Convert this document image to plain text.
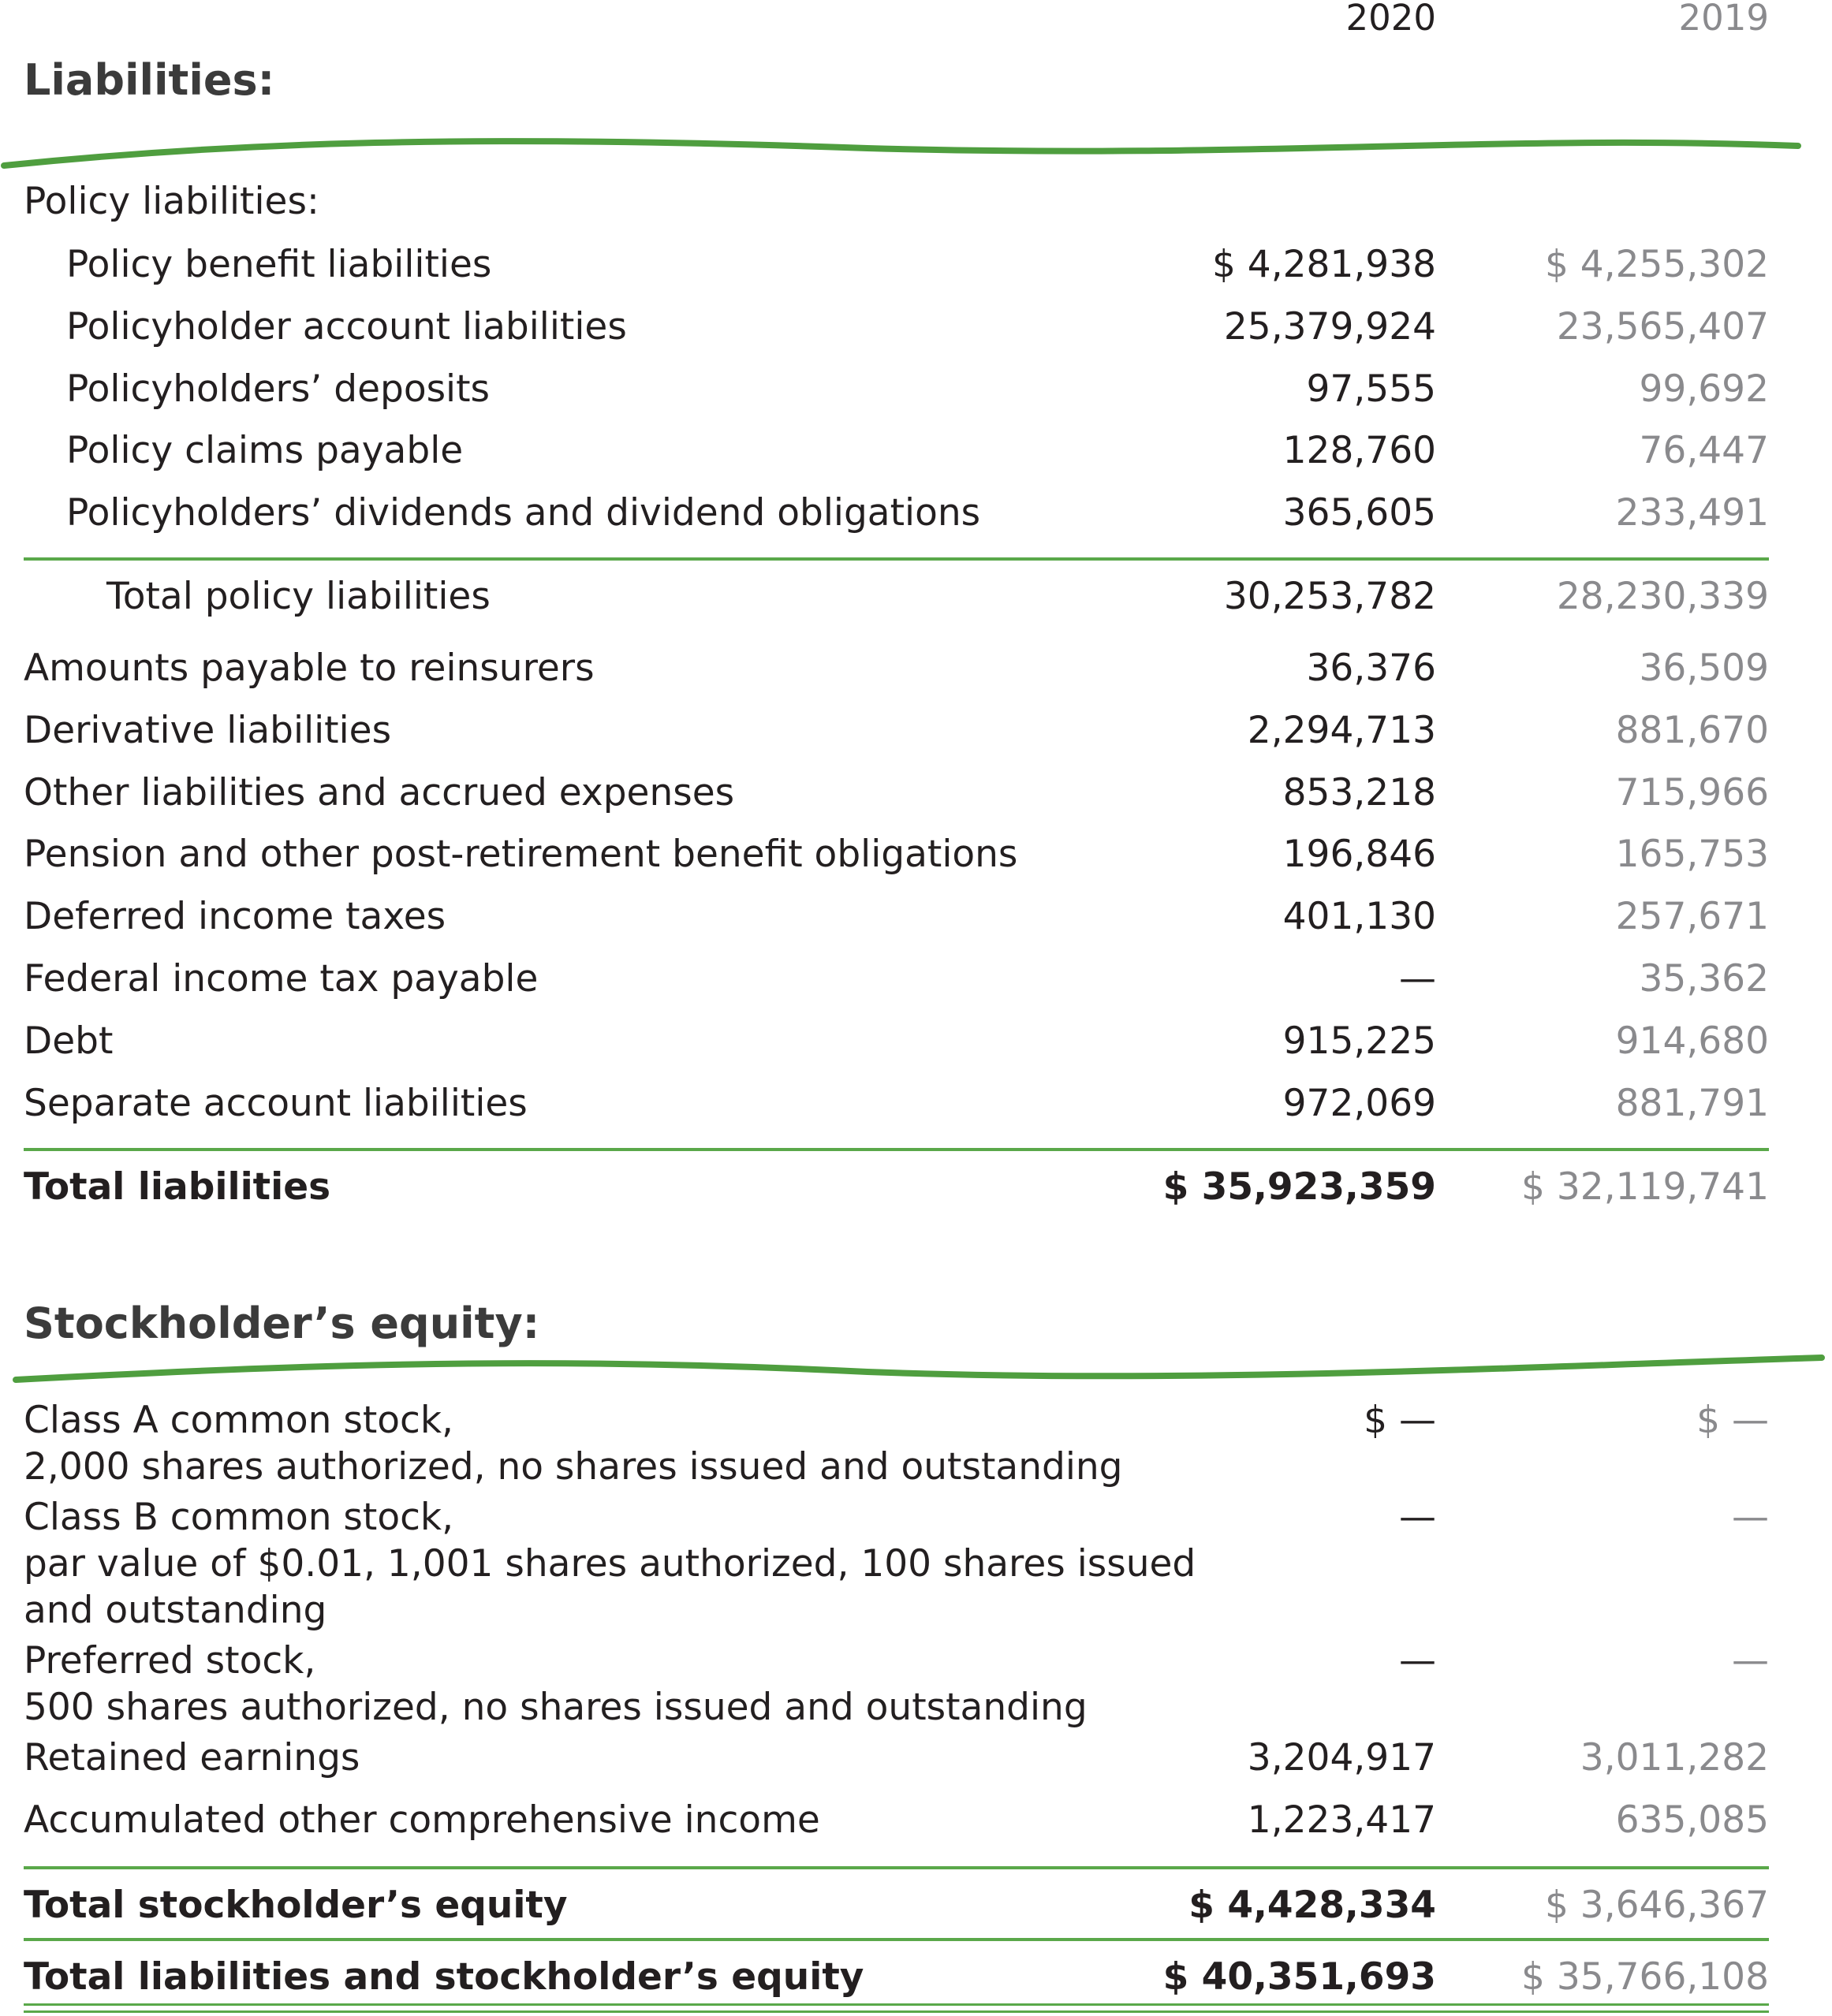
2020	2019
Liabilities:
Policy liabilities:
Policy benefit liabilities	$ 4,281,938	$ 4,255,302
Policyholder account liabilities	25,379,924	23,565,407
Policyholders’ deposits	97,555	99,692
Policy claims payable	128,760	76,447
Policyholders’ dividends and dividend obligations	365,605	233,491
Total policy liabilities	30,253,782	28,230,339
Amounts payable to reinsurers	36,376	36,509
Derivative liabilities	2,294,713	881,670
Other liabilities and accrued expenses	853,218	715,966
Pension and other post-retirement benefit obligations	196,846	165,753
Deferred income taxes	401,130	257,671
Federal income tax payable	—	35,362
Debt	915,225	914,680
Separate account liabilities	972,069	881,791
Total liabilities	$ 35,923,359 $ 32,119,741
Stockholder’s equity:
Class A common stock,
2,000 shares authorized, no shares issued and outstanding
$ —	$ —
Class B common stock,
par value of $0.01, 1,001 shares authorized, 100 shares issued
and outstanding
—	—
Preferred stock,
500 shares authorized, no shares issued and outstanding
—	—
Retained earnings	3,204,917	3,011,282
Accumulated other comprehensive income	1,223,417	635,085
Total stockholder’s equity	$ 4,428,334	$ 3,646,367
Total liabilities and stockholder’s equity	$ 40,351,693 $ 35,766,108
